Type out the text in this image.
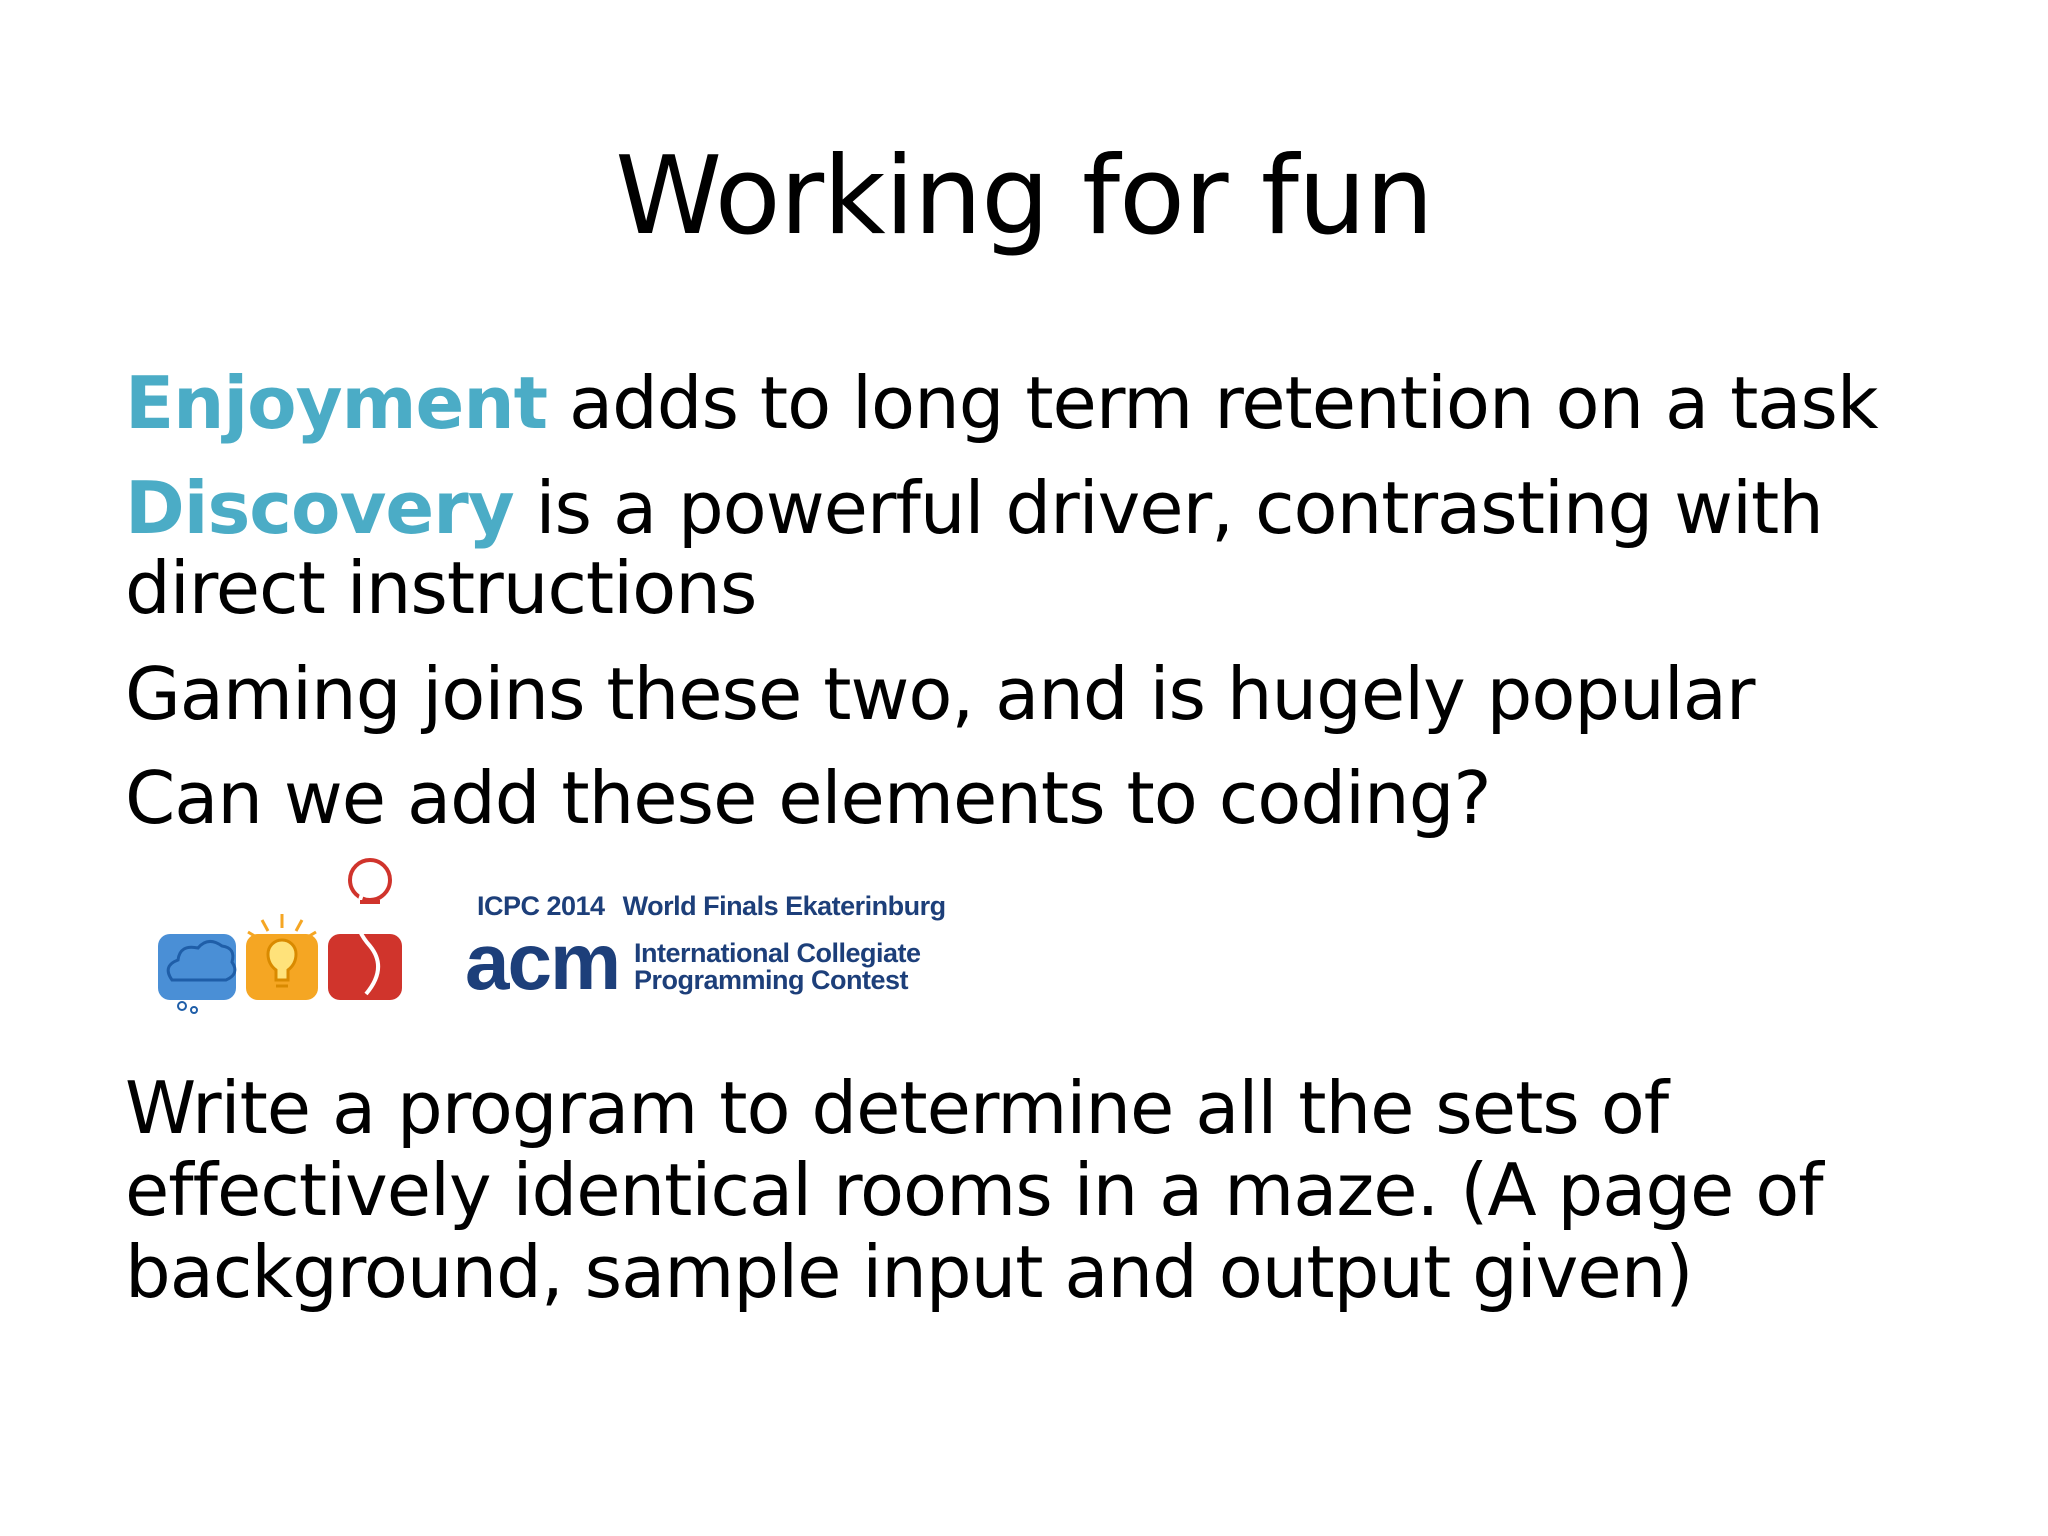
Working for fun
Enjoyment adds to long term retention on a task
Discovery is a powerful driver, contrasting with
direct instructions
Gaming joins these two, and is hugely popular
Can we add these elements to coding?
ICPC 2014 World Finals Ekaterinburg
acm International Collegiate
Programming Contest
Write a program to determine all the sets of
effectively identical rooms in a maze. (A page of
background, sample input and output given)
